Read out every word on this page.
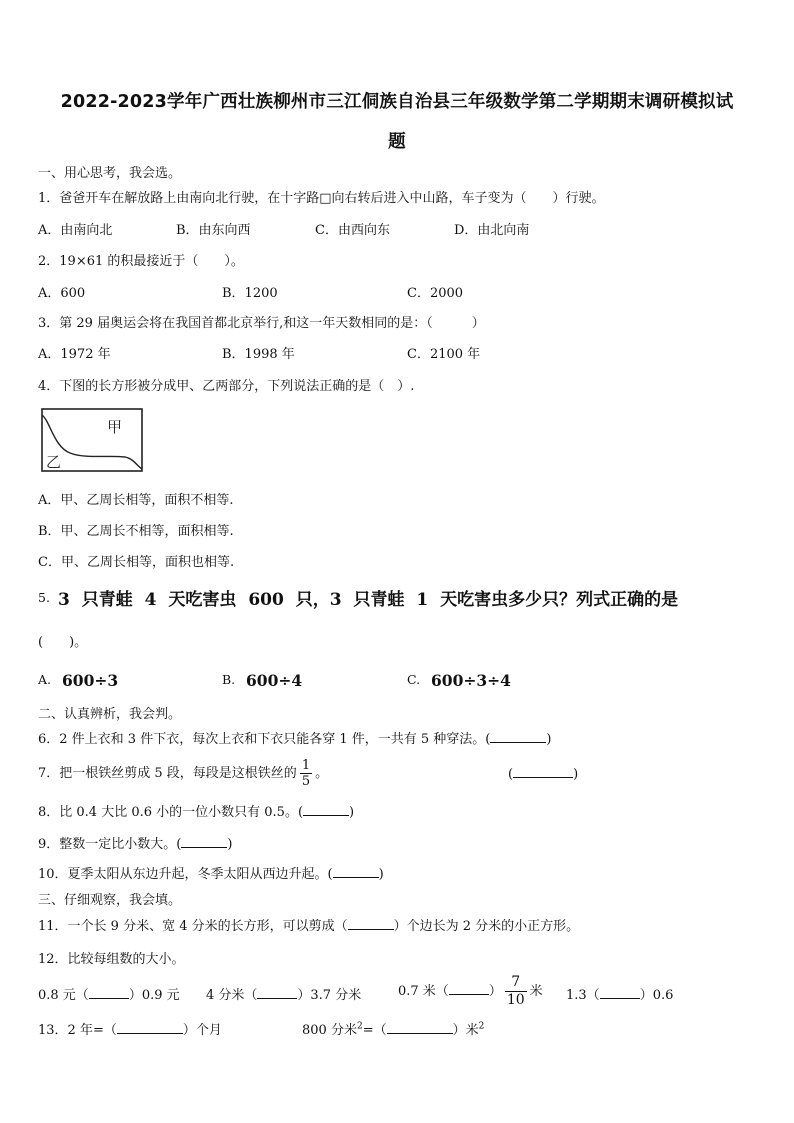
2022-2023学年广西壮族柳州市三江侗族自治县三年级数学第二学期期末调研模拟试
题
一、用心思考，我会选。
1．爸爸开车在解放路上由南向北行驶，在十字路□向右转后进入中山路，车子变为（　　）行驶。
A．由南向北	B．由东向西	C．由西向东	D．由北向南
2．19×61 的积最接近于（　　）。
A．600	B．1200	C．2000
3．第 29 届奥运会将在我国首都北京举行,和这一年天数相同的是：（　　　）
A．1972 年	B．1998 年	C．2100 年
4．下图的长方形被分成甲、乙两部分，下列说法正确的是（　）.
甲
乙
A．甲、乙周长相等，面积不相等.
B．甲、乙周长不相等，面积相等.
C．甲、乙周长相等，面积也相等.
5. 3 只青蛙 4 天吃害虫 600 只，3 只青蛙 1 天吃害虫多少只？列式正确的是
(　　)。
A. 600÷3	B. 600÷4	C. 600÷3÷4
二、认真辨析，我会判。
6．2 件上衣和 3 件下衣，每次上衣和下衣只能各穿 1 件，一共有 5 种穿法。(	)
7．把一根铁丝剪成 5 段，每段是这根铁丝的 $\frac{1}{5}$ 。	(	)
8．比 0.4 大比 0.6 小的一位小数只有 0.5。(	)
9．整数一定比小数大。(	)
10．夏季太阳从东边升起，冬季太阳从西边升起。(	)
三、仔细观察，我会填。
11．一个长 9 分米、宽 4 分米的长方形，可以剪成（	）个边长为 2 分米的小正方形。
12．比较每组数的大小。
0.8 元（	）0.9 元 4 分米（	）3.7 分米	0.7 米（	） $\frac{7}{10}$ 米 1.3（	）0.6
13．2 年=（	）个月	800 分米$^2$=（	）米$^2$
